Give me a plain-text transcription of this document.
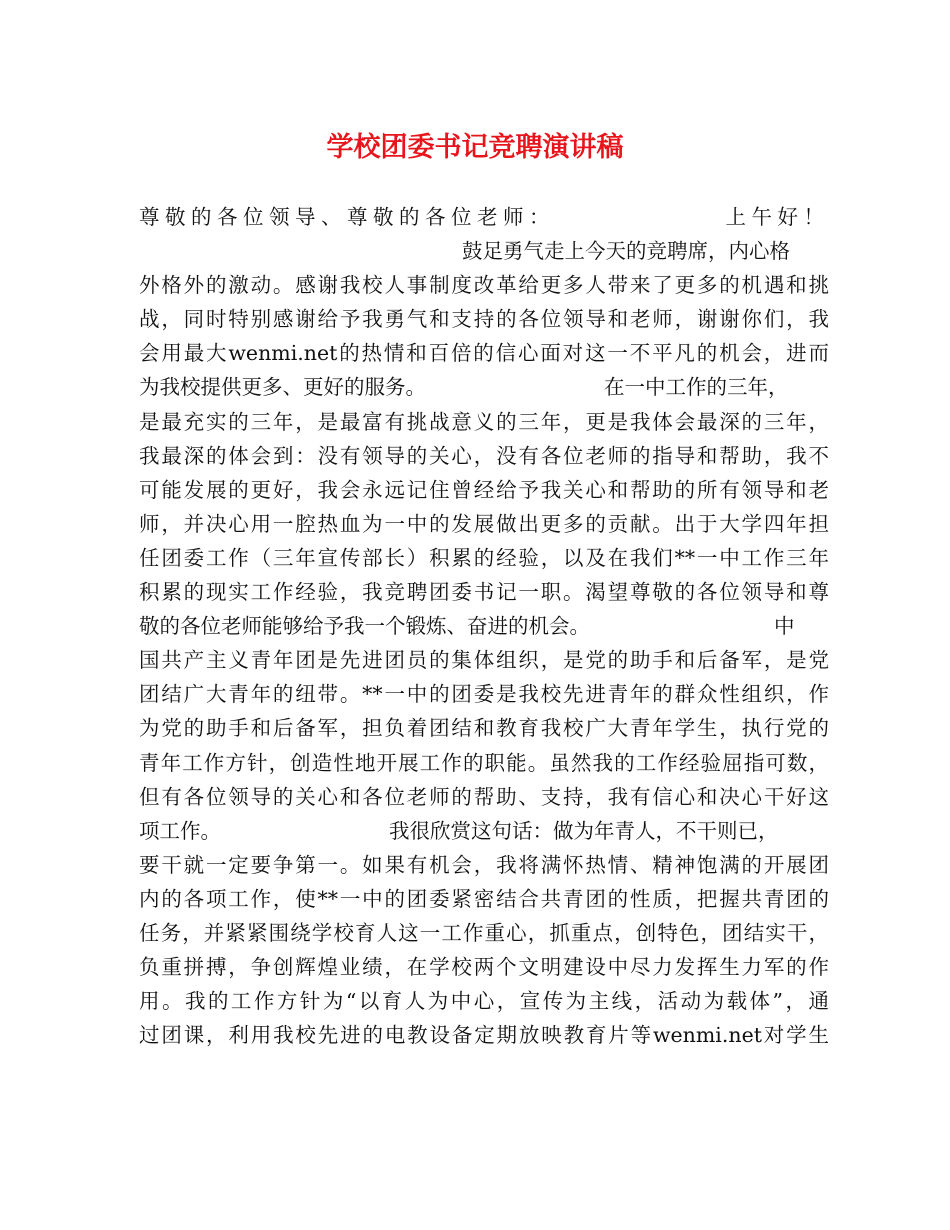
学校团委书记竞聘演讲稿
尊敬的各位领导、尊敬的各位老师：	上午好！
鼓足勇气走上今天的竞聘席，内心格
外格外的激动。感谢我校人事制度改革给更多人带来了更多的机遇和挑
战，同时特别感谢给予我勇气和支持的各位领导和老师，谢谢你们，我
会用最大wenmi.net的热情和百倍的信心面对这一不平凡的机会，进而
为我校提供更多、更好的服务。	在一中工作的三年，
是最充实的三年，是最富有挑战意义的三年，更是我体会最深的三年，
我最深的体会到：没有领导的关心，没有各位老师的指导和帮助，我不
可能发展的更好，我会永远记住曾经给予我关心和帮助的所有领导和老
师，并决心用一腔热血为一中的发展做出更多的贡献。出于大学四年担
任团委工作（三年宣传部长）积累的经验，以及在我们**一中工作三年
积累的现实工作经验，我竞聘团委书记一职。渴望尊敬的各位领导和尊
敬的各位老师能够给予我一个锻炼、奋进的机会。	中
国共产主义青年团是先进团员的集体组织，是党的助手和后备军，是党
团结广大青年的纽带。**一中的团委是我校先进青年的群众性组织，作
为党的助手和后备军，担负着团结和教育我校广大青年学生，执行党的
青年工作方针，创造性地开展工作的职能。虽然我的工作经验屈指可数，
但有各位领导的关心和各位老师的帮助、支持，我有信心和决心干好这
项工作。	我很欣赏这句话：做为年青人，不干则已，
要干就一定要争第一。如果有机会，我将满怀热情、精神饱满的开展团
内的各项工作，使**一中的团委紧密结合共青团的性质，把握共青团的
任务，并紧紧围绕学校育人这一工作重心，抓重点，创特色，团结实干，
负重拼搏，争创辉煌业绩，在学校两个文明建设中尽力发挥生力军的作
用。我的工作方针为“以育人为中心，宣传为主线，活动为载体”，通
过团课，利用我校先进的电教设备定期放映教育片等wenmi.net对学生
